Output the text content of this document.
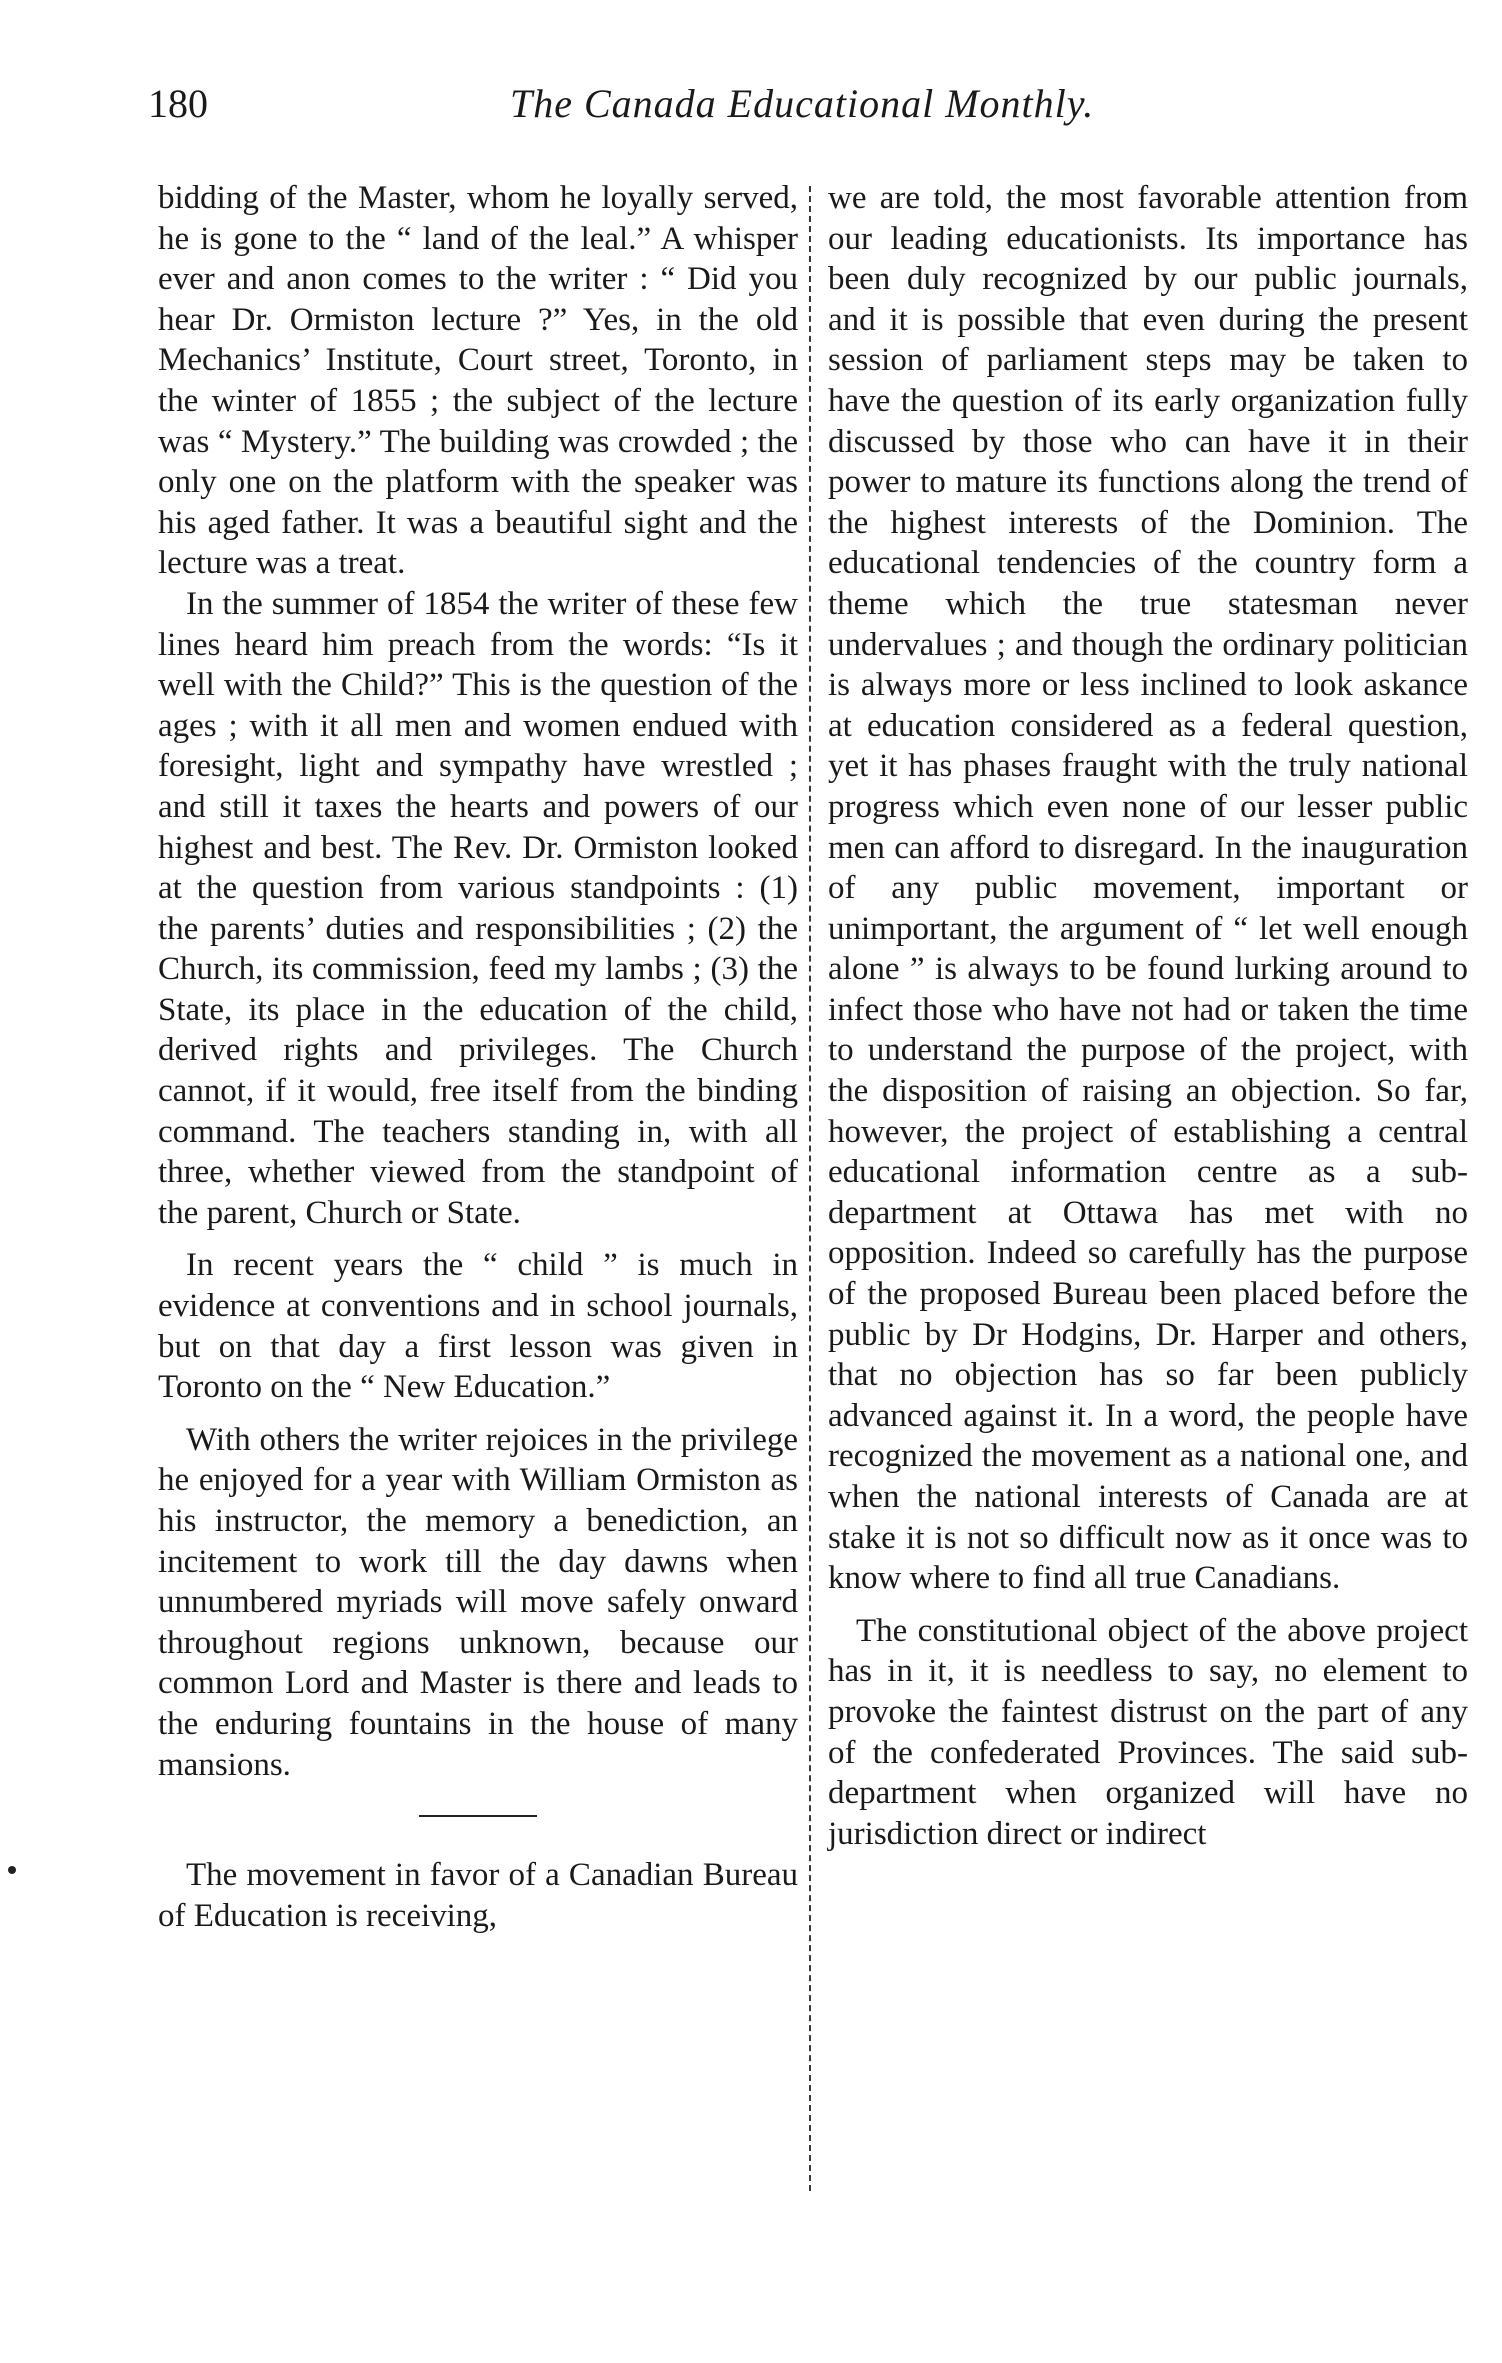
180	The Canada Educational Monthly.

bidding of the Master, whom he loyally served, he is gone to the “ land of the leal.” A whisper ever and anon comes to the writer : “ Did you hear Dr. Ormiston lecture ?” Yes, in the old Mechanics’ Institute, Court street, Toronto, in the winter of 1855 ; the subject of the lecture was “ Mystery.” The building was crowded ; the only one on the platform with the speaker was his aged father. It was a beautiful sight and the lecture was a treat.

In the summer of 1854 the writer of these few lines heard him preach from the words: “Is it well with the Child?” This is the question of the ages ; with it all men and women endued with foresight, light and sympathy have wrestled ; and still it taxes the hearts and powers of our highest and best. The Rev. Dr. Ormiston looked at the question from various standpoints : (1) the parents’ duties and responsibilities ; (2) the Church, its commission, feed my lambs ; (3) the State, its place in the education of the child, derived rights and privileges. The Church cannot, if it would, free itself from the binding command. The teachers standing in, with all three, whether viewed from the standpoint of the parent, Church or State.

In recent years the “ child ” is much in evidence at conventions and in school journals, but on that day a first lesson was given in Toronto on the “ New Education.”

With others the writer rejoices in the privilege he enjoyed for a year with William Ormiston as his instructor, the memory a benediction, an incitement to work till the day dawns when unnumbered myriads will move safely onward throughout regions unknown, because our common Lord and Master is there and leads to the enduring fountains in the house of many mansions.

The movement in favor of a Canadian Bureau of Education is receiving,

we are told, the most favorable attention from our leading educationists. Its importance has been duly recognized by our public journals, and it is possible that even during the present session of parliament steps may be taken to have the question of its early organization fully discussed by those who can have it in their power to mature its functions along the trend of the highest interests of the Dominion. The educational tendencies of the country form a theme which the true statesman never undervalues ; and though the ordinary politician is always more or less inclined to look askance at education considered as a federal question, yet it has phases fraught with the truly national progress which even none of our lesser public men can afford to disregard. In the inauguration of any public movement, important or unimportant, the argument of “ let well enough alone ” is always to be found lurking around to infect those who have not had or taken the time to understand the purpose of the project, with the disposition of raising an objection. So far, however, the project of establishing a central educational information centre as a sub-department at Ottawa has met with no opposition. Indeed so carefully has the purpose of the proposed Bureau been placed before the public by Dr Hodgins, Dr. Harper and others, that no objection has so far been publicly advanced against it. In a word, the people have recognized the movement as a national one, and when the national interests of Canada are at stake it is not so difficult now as it once was to know where to find all true Canadians.

The constitutional object of the above project has in it, it is needless to say, no element to provoke the faintest distrust on the part of any of the confederated Provinces. The said sub-department when organized will have no jurisdiction direct or indirect
